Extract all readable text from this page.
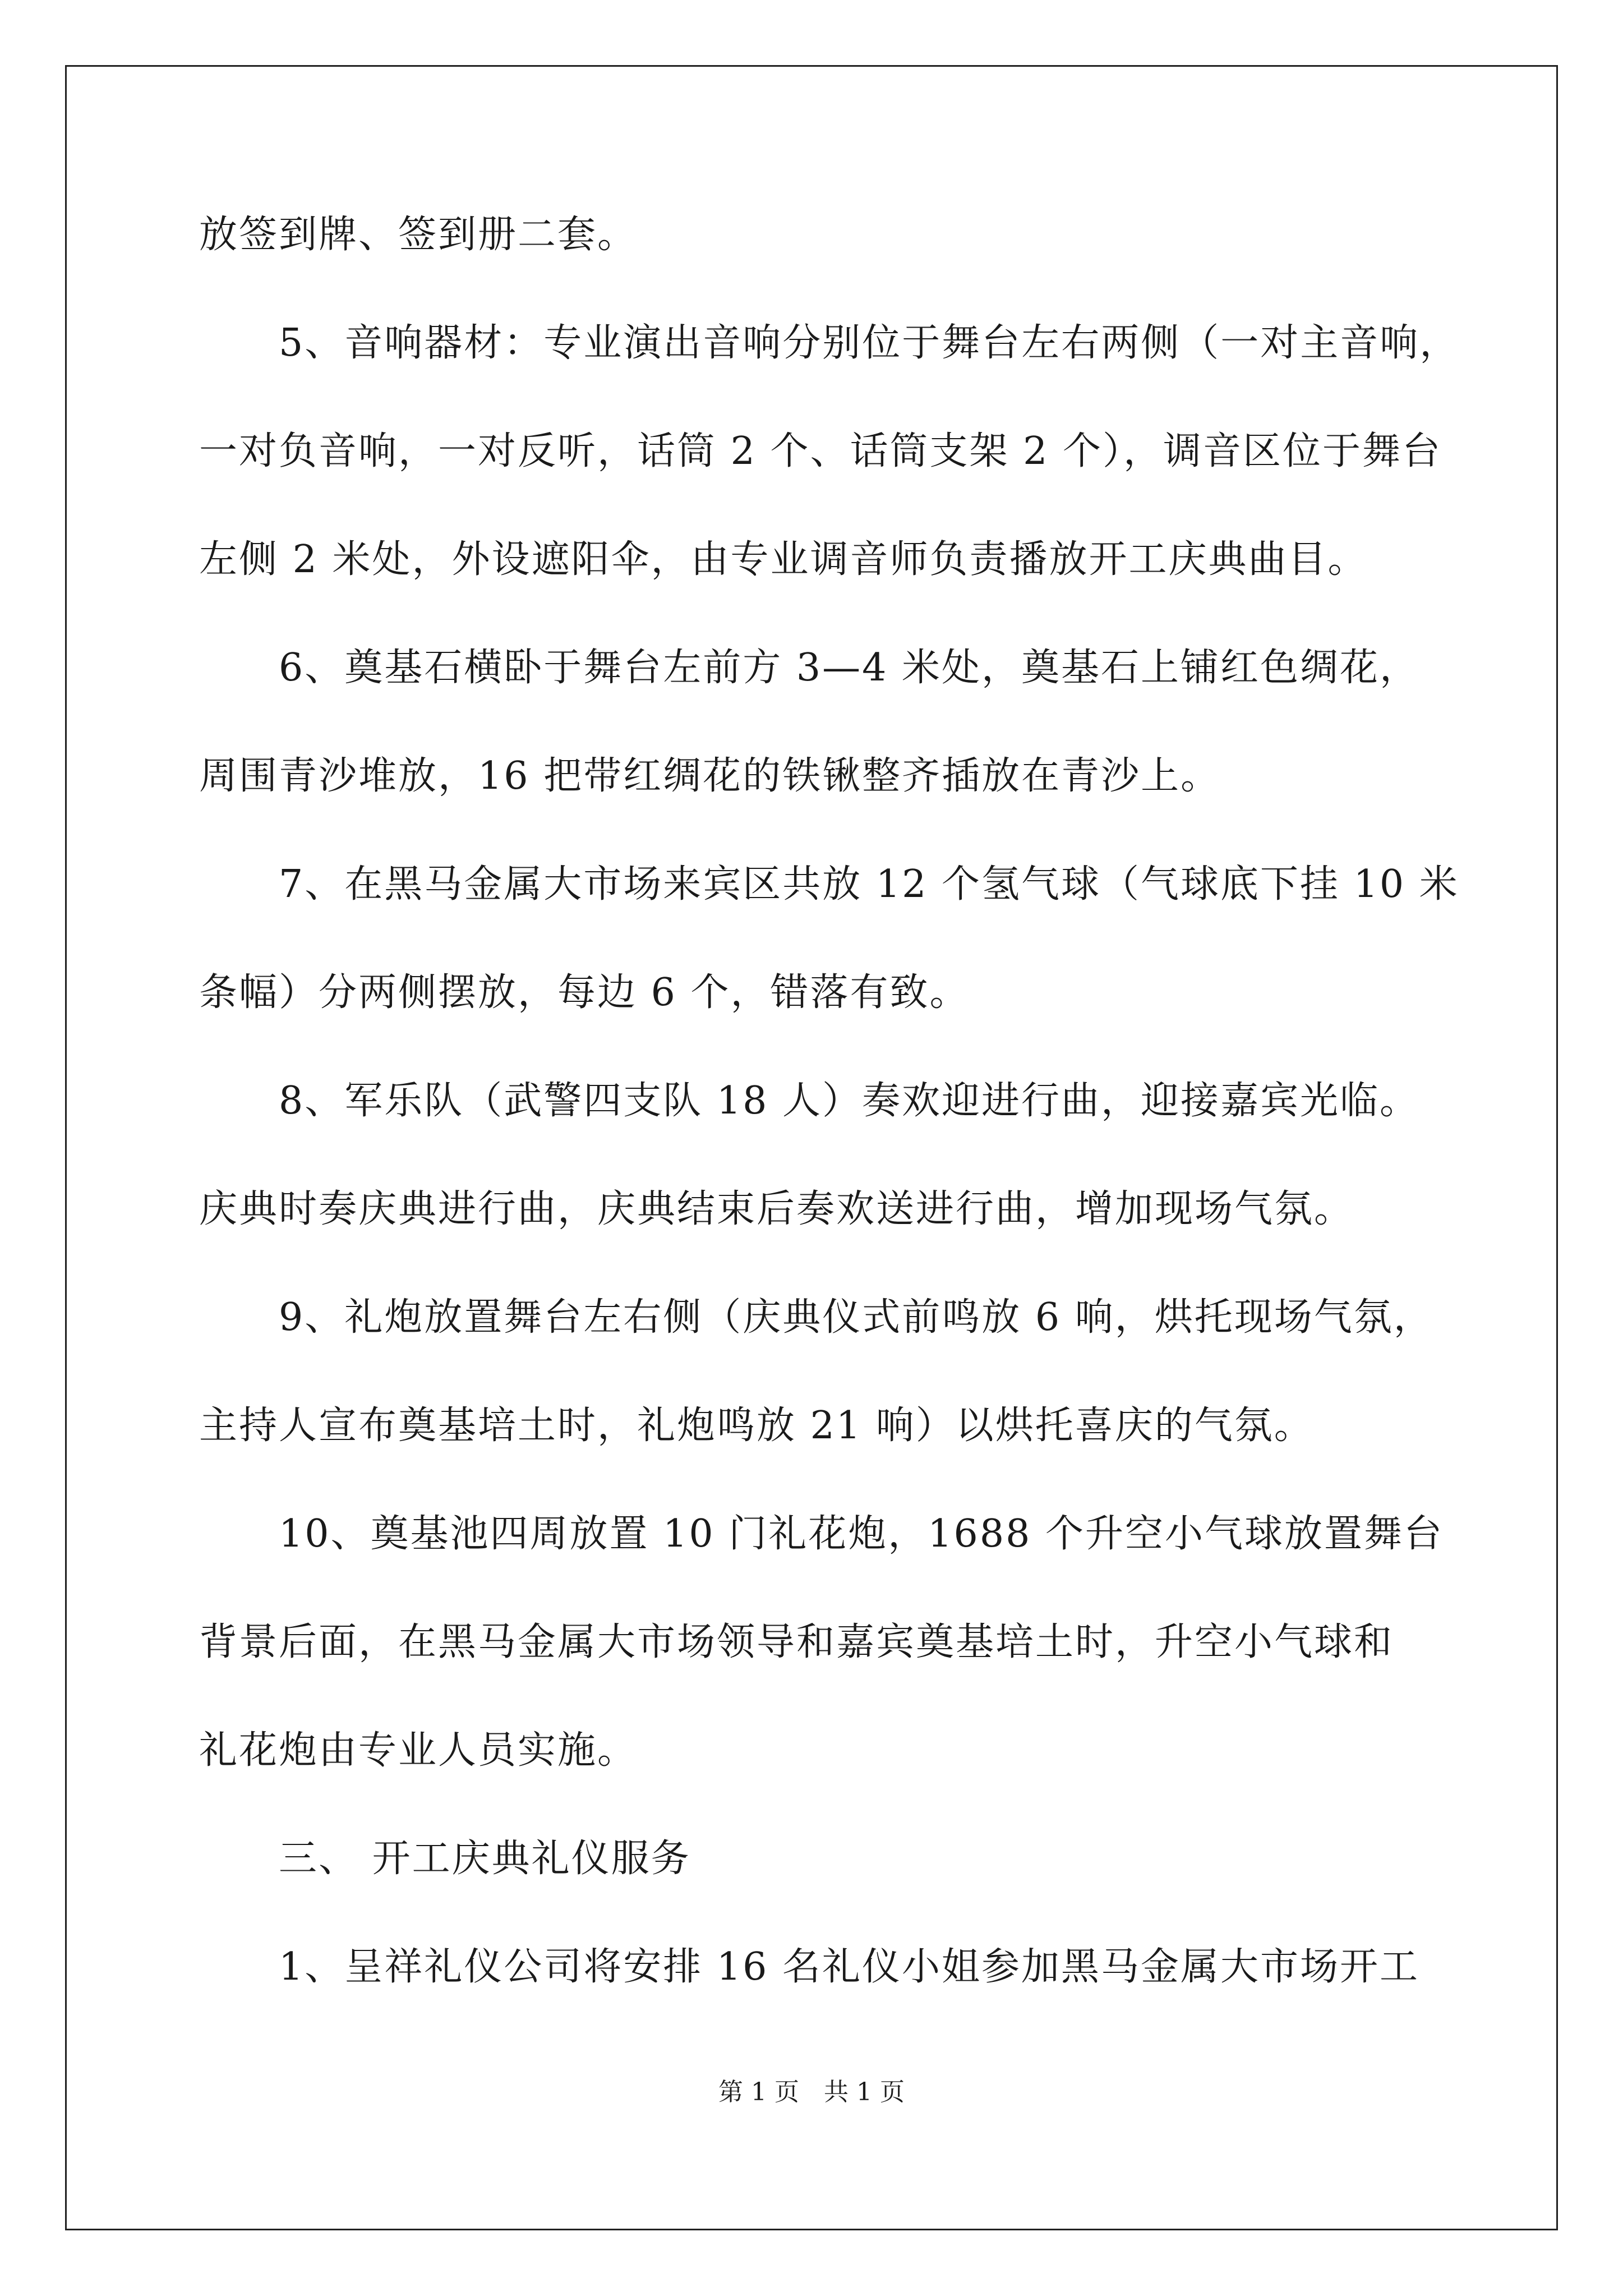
放签到牌、签到册二套。
　　5、音响器材：专业演出音响分别位于舞台左右两侧（一对主音响，
一对负音响，一对反听，话筒 2 个、话筒支架 2 个），调音区位于舞台
左侧 2 米处，外设遮阳伞，由专业调音师负责播放开工庆典曲目。
　　6、奠基石横卧于舞台左前方 3—4 米处，奠基石上铺红色绸花，
周围青沙堆放，16 把带红绸花的铁锹整齐插放在青沙上。
　　7、在黑马金属大市场来宾区共放 12 个氢气球（气球底下挂 10 米
条幅）分两侧摆放，每边 6 个，错落有致。
　　8、军乐队（武警四支队 18 人）奏欢迎进行曲，迎接嘉宾光临。
庆典时奏庆典进行曲，庆典结束后奏欢送进行曲，增加现场气氛。
　　9、礼炮放置舞台左右侧（庆典仪式前鸣放 6 响，烘托现场气氛，
主持人宣布奠基培土时，礼炮鸣放 21 响）以烘托喜庆的气氛。
　　10、奠基池四周放置 10 门礼花炮，1688 个升空小气球放置舞台
背景后面，在黑马金属大市场领导和嘉宾奠基培土时，升空小气球和
礼花炮由专业人员实施。
　　三、 开工庆典礼仪服务
　　1、呈祥礼仪公司将安排 16 名礼仪小姐参加黑马金属大市场开工
第 1 页　共 1 页
